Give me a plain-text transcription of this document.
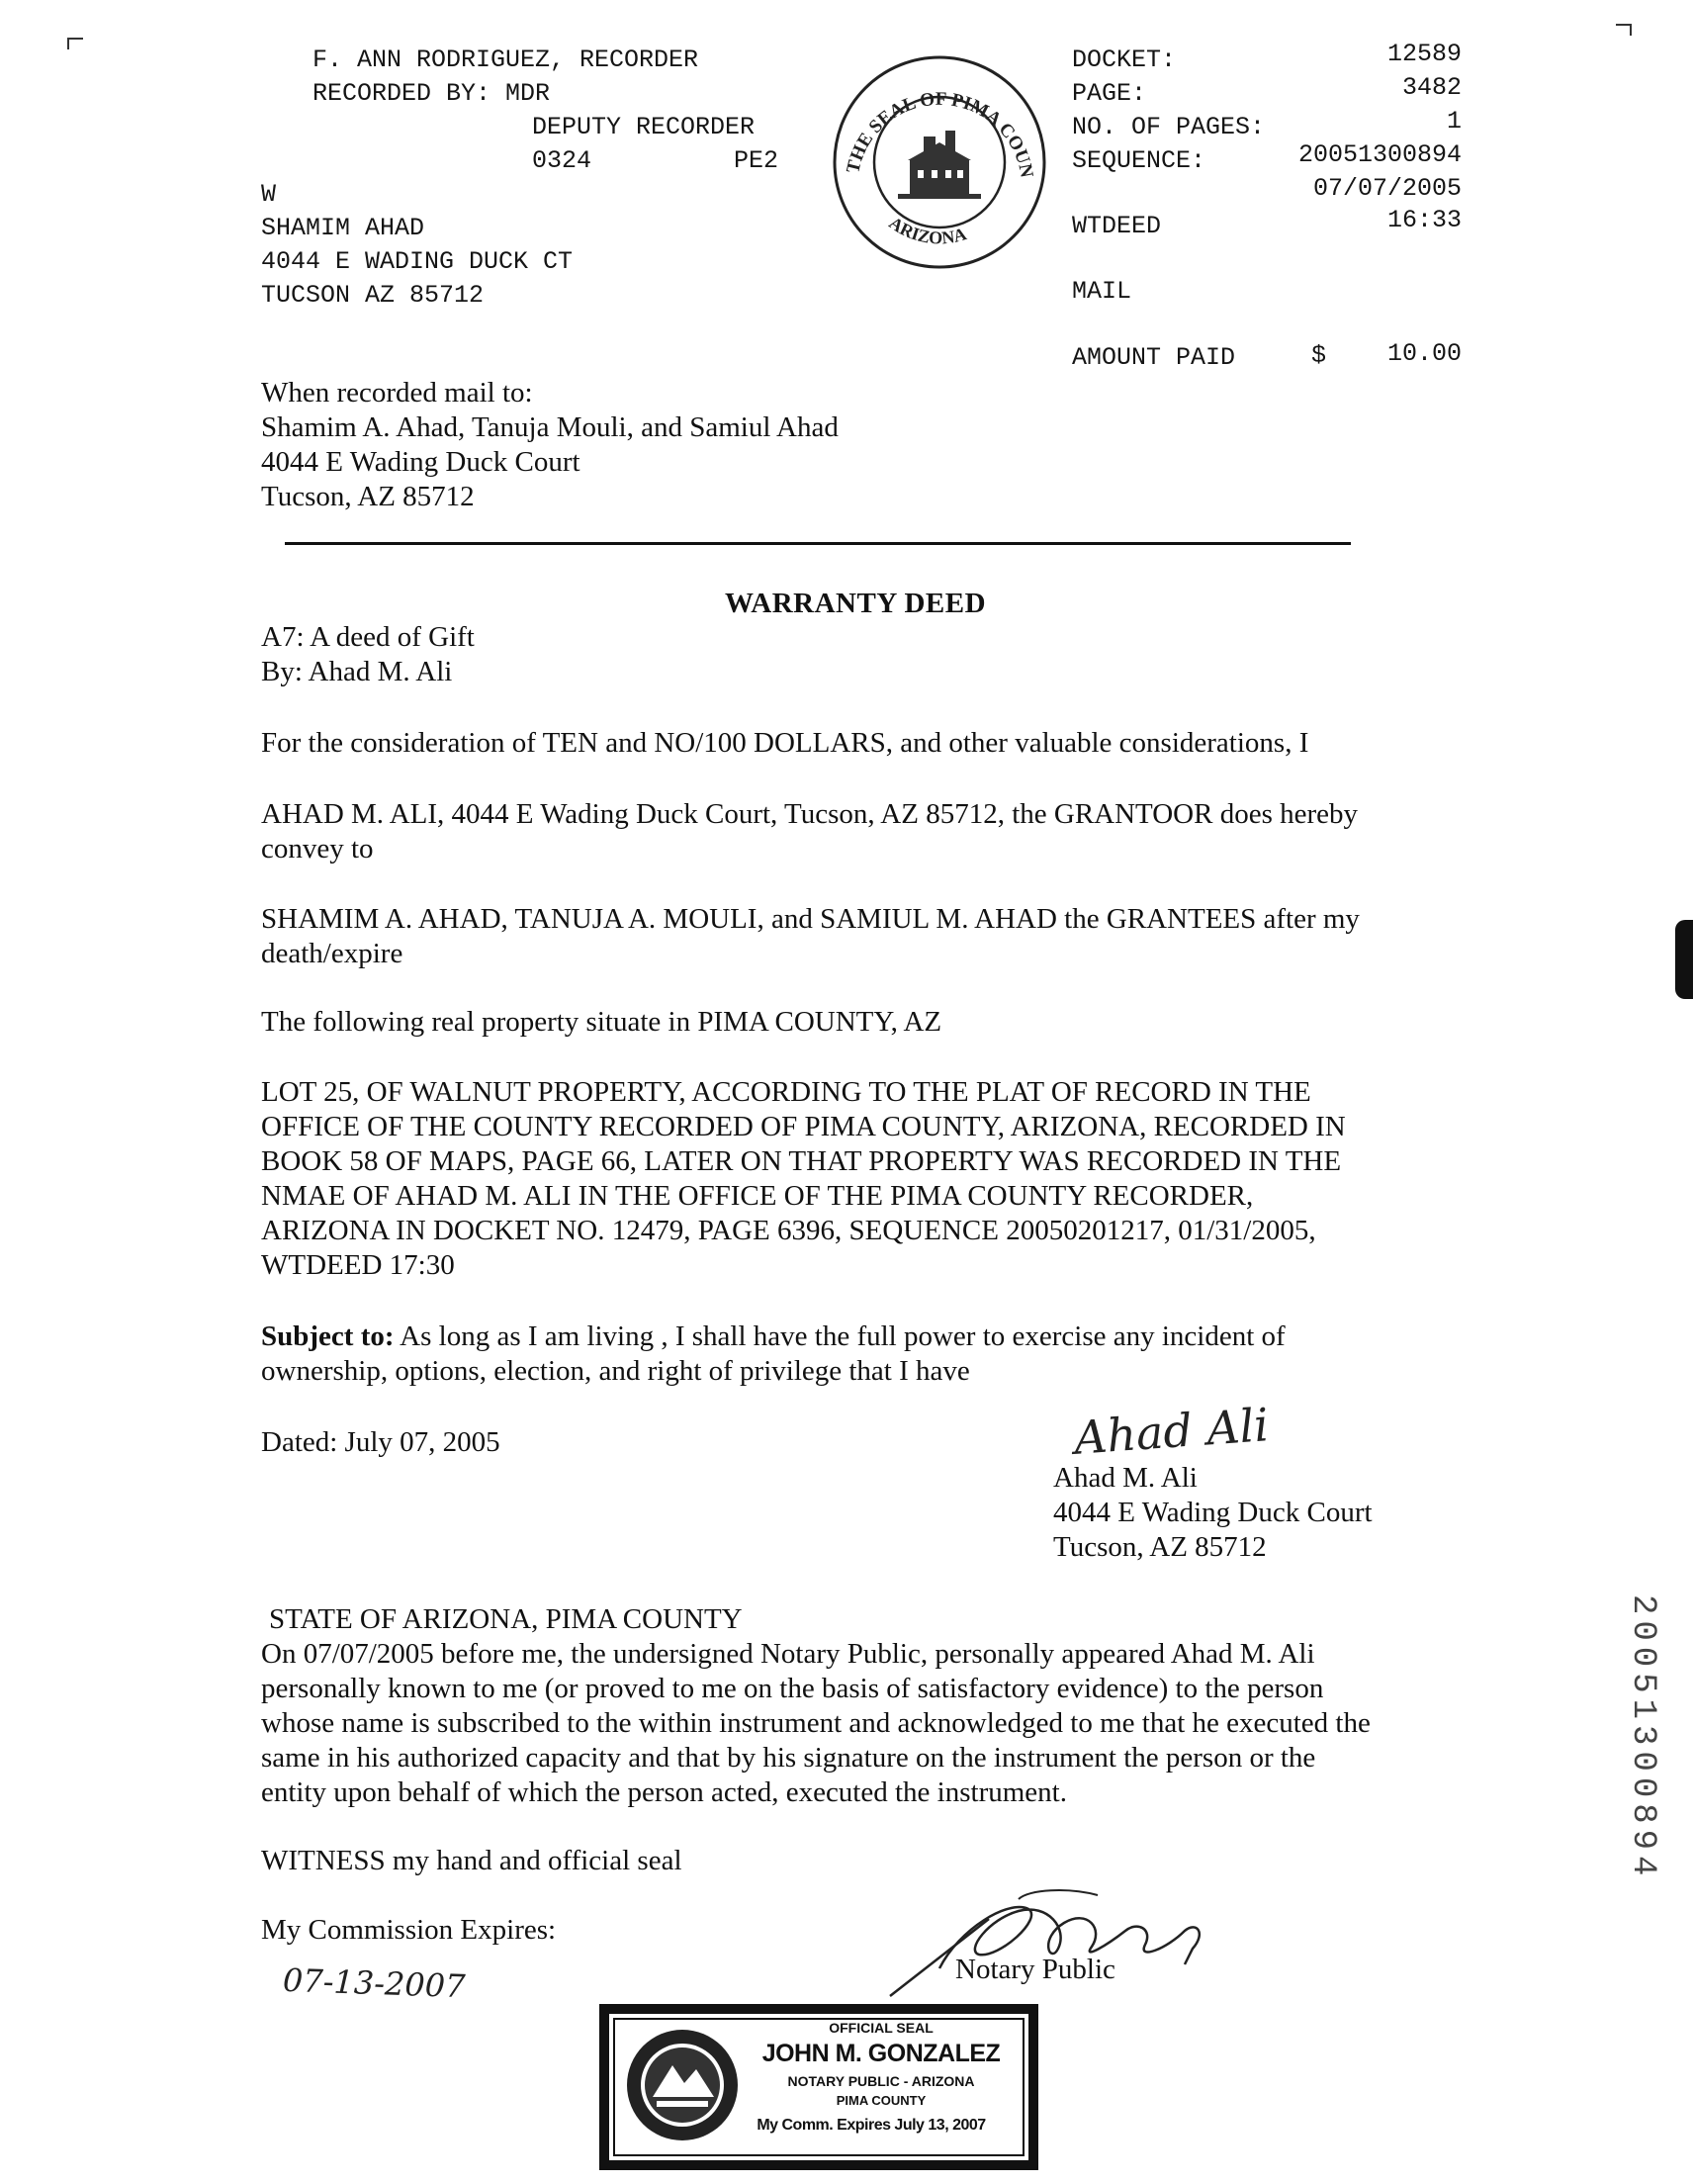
F. ANN RODRIGUEZ, RECORDER
RECORDED BY: MDR
DEPUTY RECORDER
0324	PE2
W
SHAMIM AHAD
4044 E WADING DUCK CT
TUCSON AZ 85712
THE SEAL OF PIMA COUN
ARIZONA
DOCKET:	12589
PAGE:	3482
NO. OF PAGES:	1
SEQUENCE:	20051300894
07/07/2005
WTDEED	16:33
MAIL
AMOUNT PAID	$	10.00
When recorded mail to:
Shamim A. Ahad, Tanuja Mouli, and Samiul Ahad
4044 E Wading Duck Court
Tucson, AZ 85712
WARRANTY DEED
A7: A deed of Gift
By: Ahad M. Ali
For the consideration of TEN and NO/100 DOLLARS, and other valuable considerations, I
AHAD M. ALI, 4044 E Wading Duck Court, Tucson, AZ 85712, the GRANTOOR does hereby
convey to
SHAMIM A. AHAD, TANUJA A. MOULI, and SAMIUL M. AHAD the GRANTEES after my
death/expire
The following real property situate in PIMA COUNTY, AZ
LOT 25, OF WALNUT PROPERTY, ACCORDING TO THE PLAT OF RECORD IN THE
OFFICE OF THE COUNTY RECORDED OF PIMA COUNTY, ARIZONA, RECORDED IN
BOOK 58 OF MAPS, PAGE 66, LATER ON THAT PROPERTY WAS RECORDED IN THE
NMAE OF AHAD M. ALI IN THE OFFICE OF THE PIMA COUNTY RECORDER,
ARIZONA IN DOCKET NO. 12479, PAGE 6396, SEQUENCE 20050201217, 01/31/2005,
WTDEED 17:30
Subject to: As long as I am living , I shall have the full power to exercise any incident of
ownership, options, election, and right of privilege that I have
Dated: July 07, 2005	Ahad Ali
Ahad M. Ali
4044 E Wading Duck Court
Tucson, AZ 85712
STATE OF ARIZONA, PIMA COUNTY
On 07/07/2005 before me, the undersigned Notary Public, personally appeared Ahad M. Ali
personally known to me (or proved to me on the basis of satisfactory evidence) to the person
whose name is subscribed to the within instrument and acknowledged to me that he executed the
same in his authorized capacity and that by his signature on the instrument the person or the
entity upon behalf of which the person acted, executed the instrument.
WITNESS my hand and official seal
My Commission Expires:
07-13-2007	Notary Public
OFFICIAL SEAL
JOHN M. GONZALEZ
NOTARY PUBLIC - ARIZONA
PIMA COUNTY
My Comm. Expires July 13, 2007
20051300894
